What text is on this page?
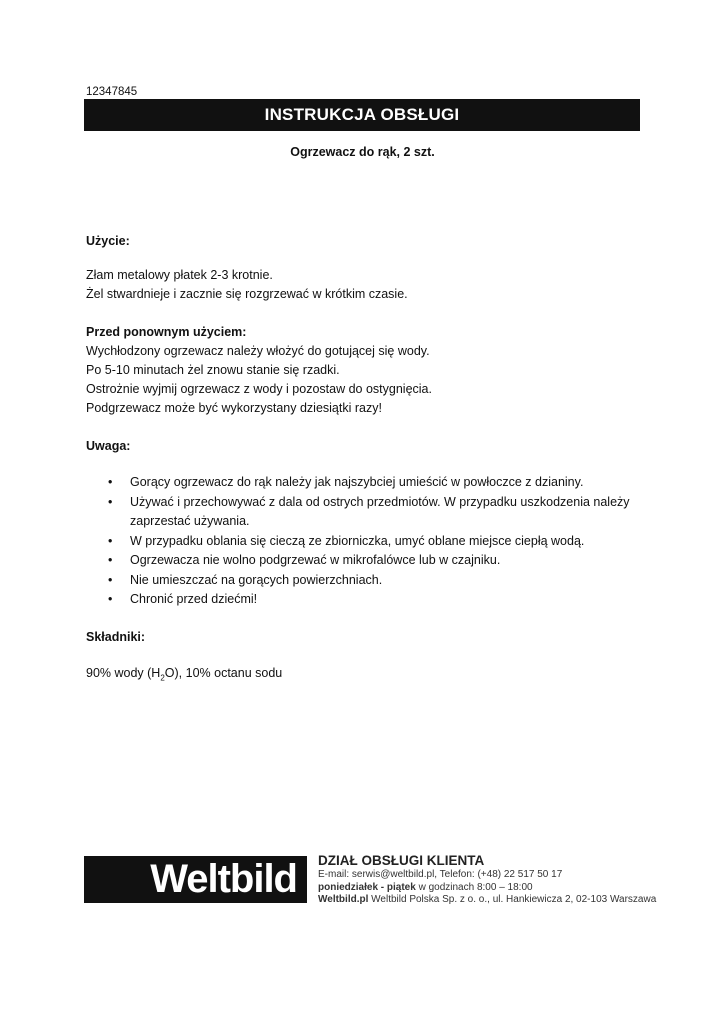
12347845
INSTRUKCJA OBSŁUGI
Ogrzewacz do rąk, 2 szt.
Użycie:
Złam metalowy płatek 2-3 krotnie.
Żel stwardnieje i zacznie się rozgrzewać w krótkim czasie.
Przed ponownym użyciem:
Wychłodzony ogrzewacz należy włożyć do gotującej się wody.
Po 5-10 minutach żel znowu stanie się rzadki.
Ostrożnie wyjmij ogrzewacz z wody i pozostaw do ostygnięcia.
Podgrzewacz może być wykorzystany dziesiątki razy!
Uwaga:
• Gorący ogrzewacz do rąk należy jak najszybciej umieścić w powłoczce z dzianiny.
• Używać i przechowywać z dala od ostrych przedmiotów. W przypadku uszkodzenia należy zaprzestać używania.
• W przypadku oblania się cieczą ze zbiorniczka, umyć oblane miejsce ciepłą wodą.
• Ogrzewacza nie wolno podgrzewać w mikrofalówce lub w czajniku.
• Nie umieszczać na gorących powierzchniach.
• Chronić przed dziećmi!
Składniki:
90% wody $(H_2O)$, 10% octanu sodu
Weltbild DZIAŁ OBSŁUGI KLIENTA
E-mail: serwis@weltbild.pl, Telefon: (+48) 22 517 50 17
poniedziałek - piątek w godzinach 8:00 – 18:00
Weltbild.pl Weltbild Polska Sp. z o. o., ul. Hankiewicza 2, 02-103 Warszawa
